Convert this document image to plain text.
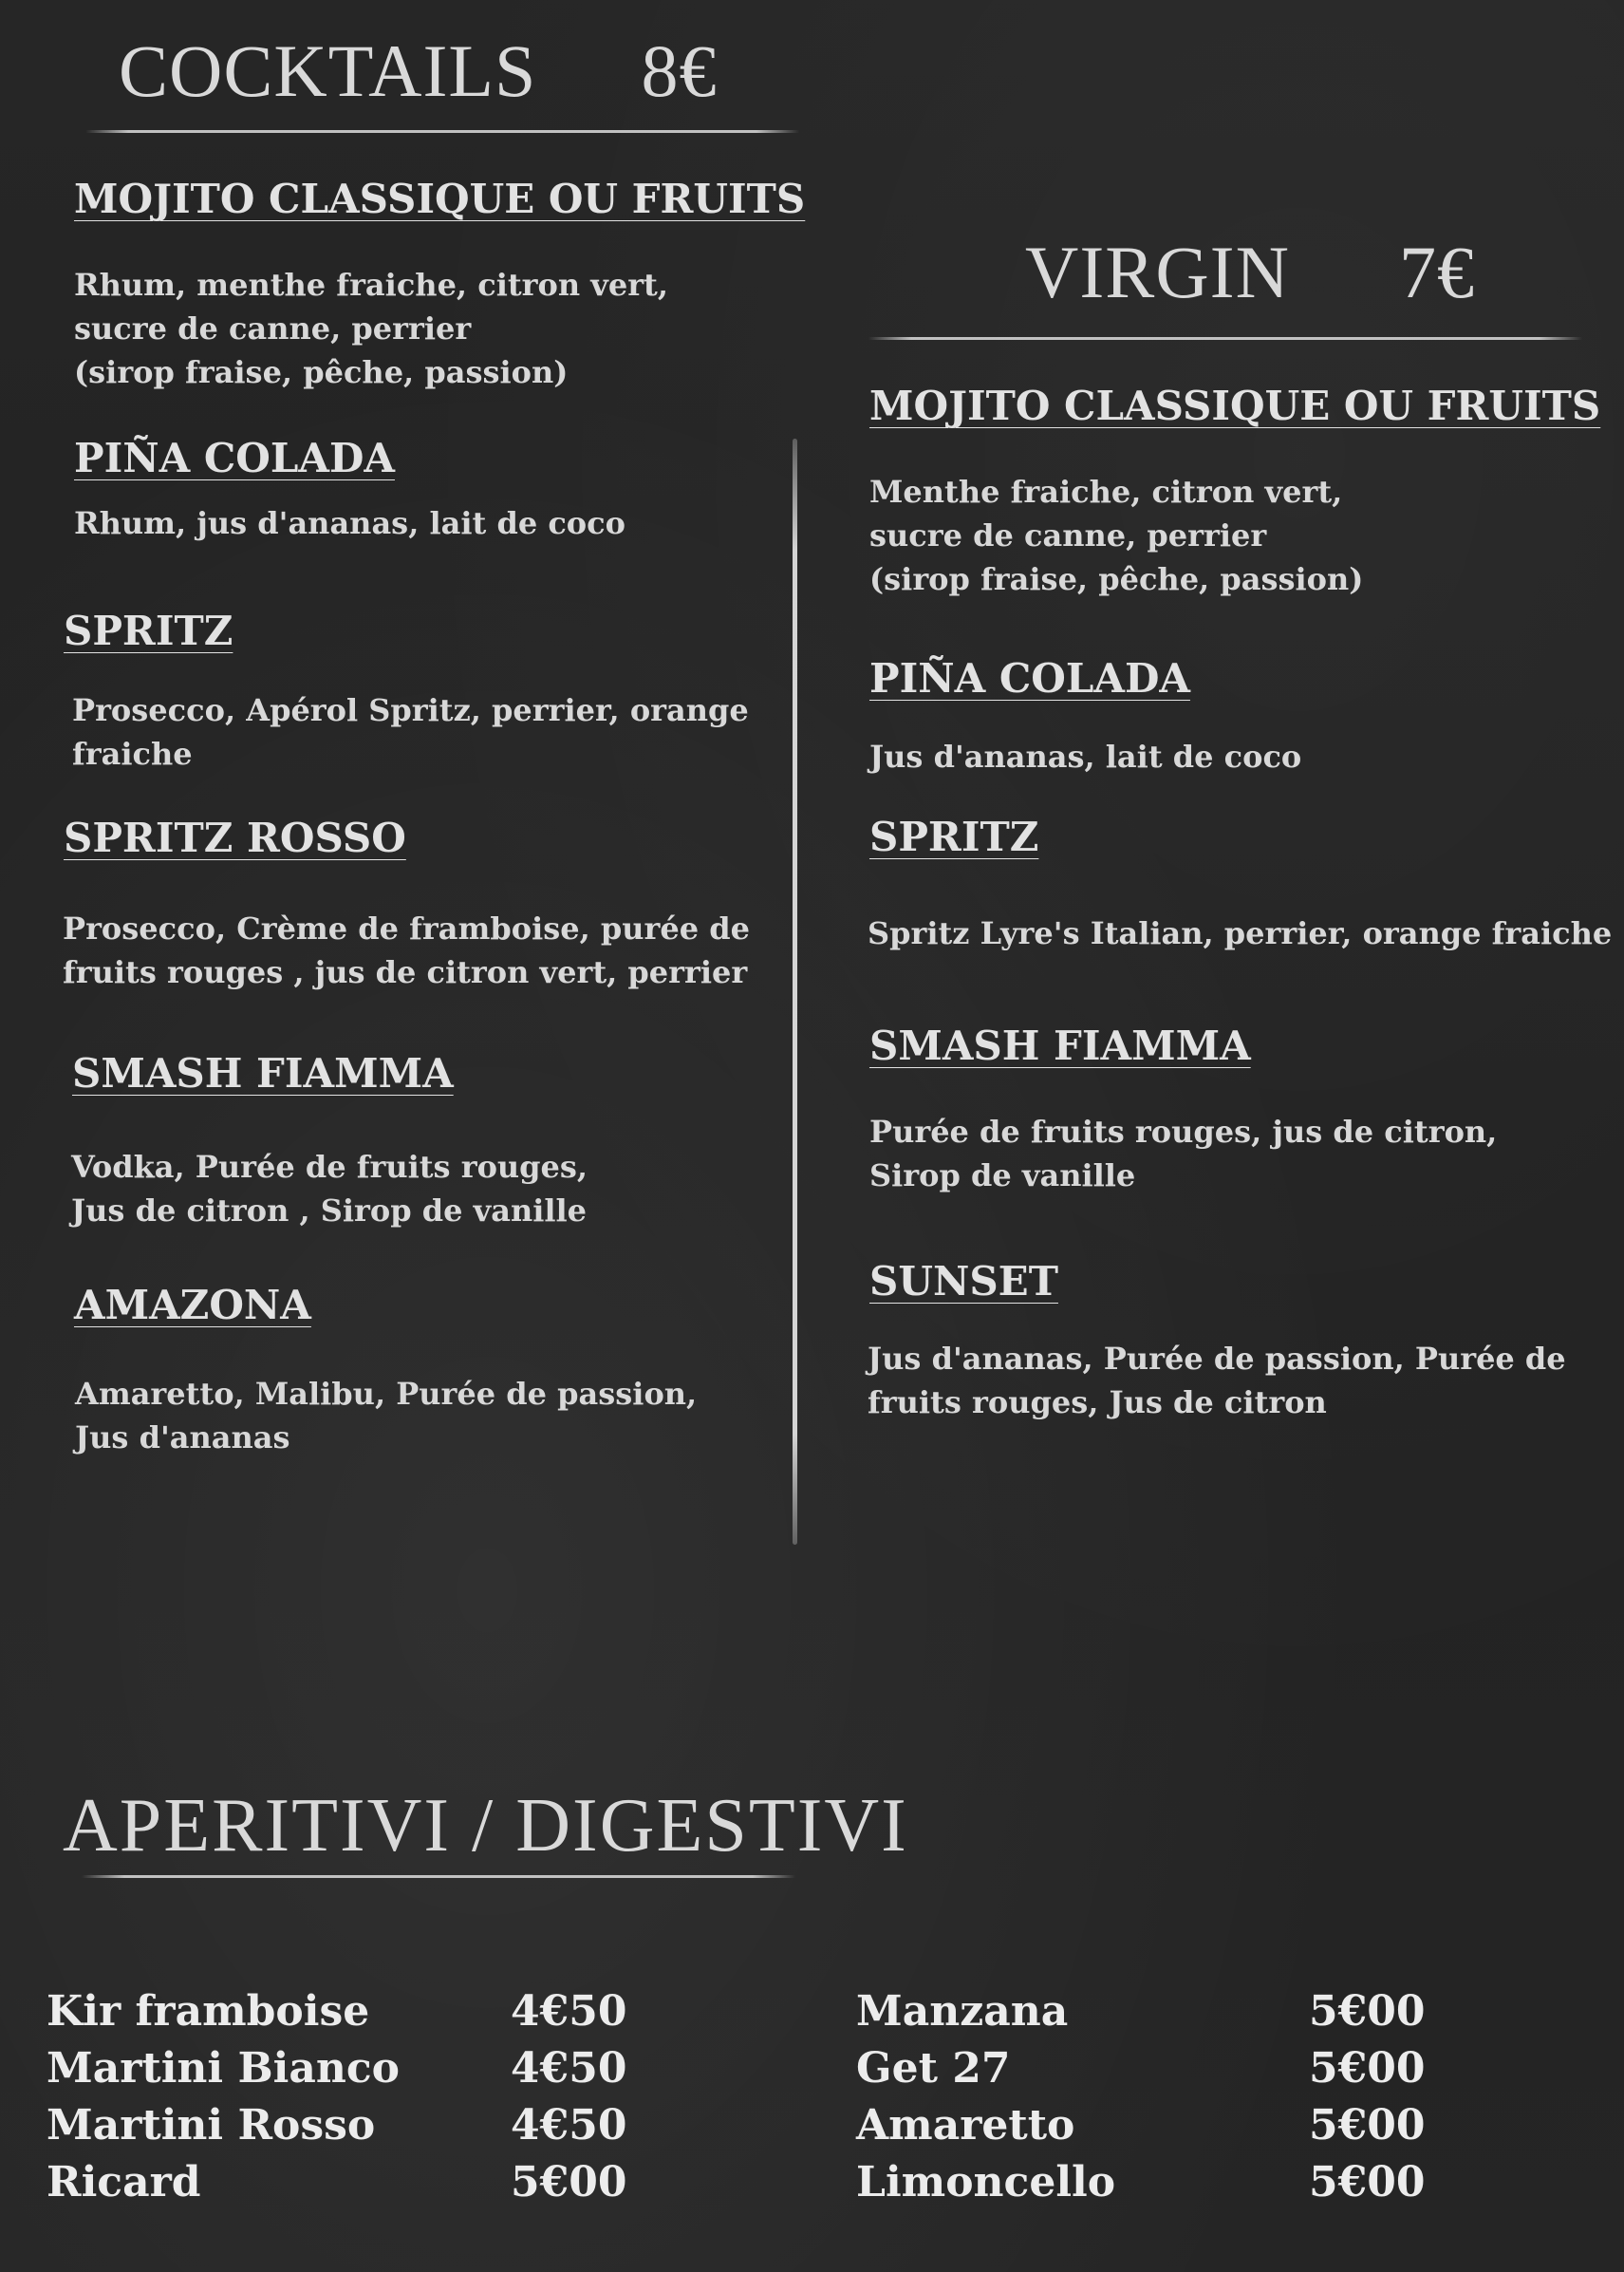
COCKTAILS 8€
MOJITO CLASSIQUE OU FRUITS
Rhum, menthe fraiche, citron vert,
sucre de canne, perrier
(sirop fraise, pêche, passion)
PIÑA COLADA
Rhum, jus d'ananas, lait de coco
SPRITZ
Prosecco, Apérol Spritz, perrier, orange
fraiche
SPRITZ ROSSO
Prosecco, Crème de framboise, purée de
fruits rouges , jus de citron vert, perrier
SMASH FIAMMA
Vodka, Purée de fruits rouges,
Jus de citron , Sirop de vanille
AMAZONA
Amaretto, Malibu, Purée de passion,
Jus d'ananas
VIRGIN 7€
MOJITO CLASSIQUE OU FRUITS
Menthe fraiche, citron vert,
sucre de canne, perrier
(sirop fraise, pêche, passion)
PIÑA COLADA
Jus d'ananas, lait de coco
SPRITZ
Spritz Lyre's Italian, perrier, orange fraiche
SMASH FIAMMA
Purée de fruits rouges, jus de citron,
Sirop de vanille
SUNSET
Jus d'ananas, Purée de passion, Purée de
fruits rouges, Jus de citron
APERITIVI / DIGESTIVI
Kir framboise	4€50
Martini Bianco	4€50
Martini Rosso	4€50
Ricard	5€00
Manzana	5€00
Get 27	5€00
Amaretto	5€00
Limoncello	5€00
